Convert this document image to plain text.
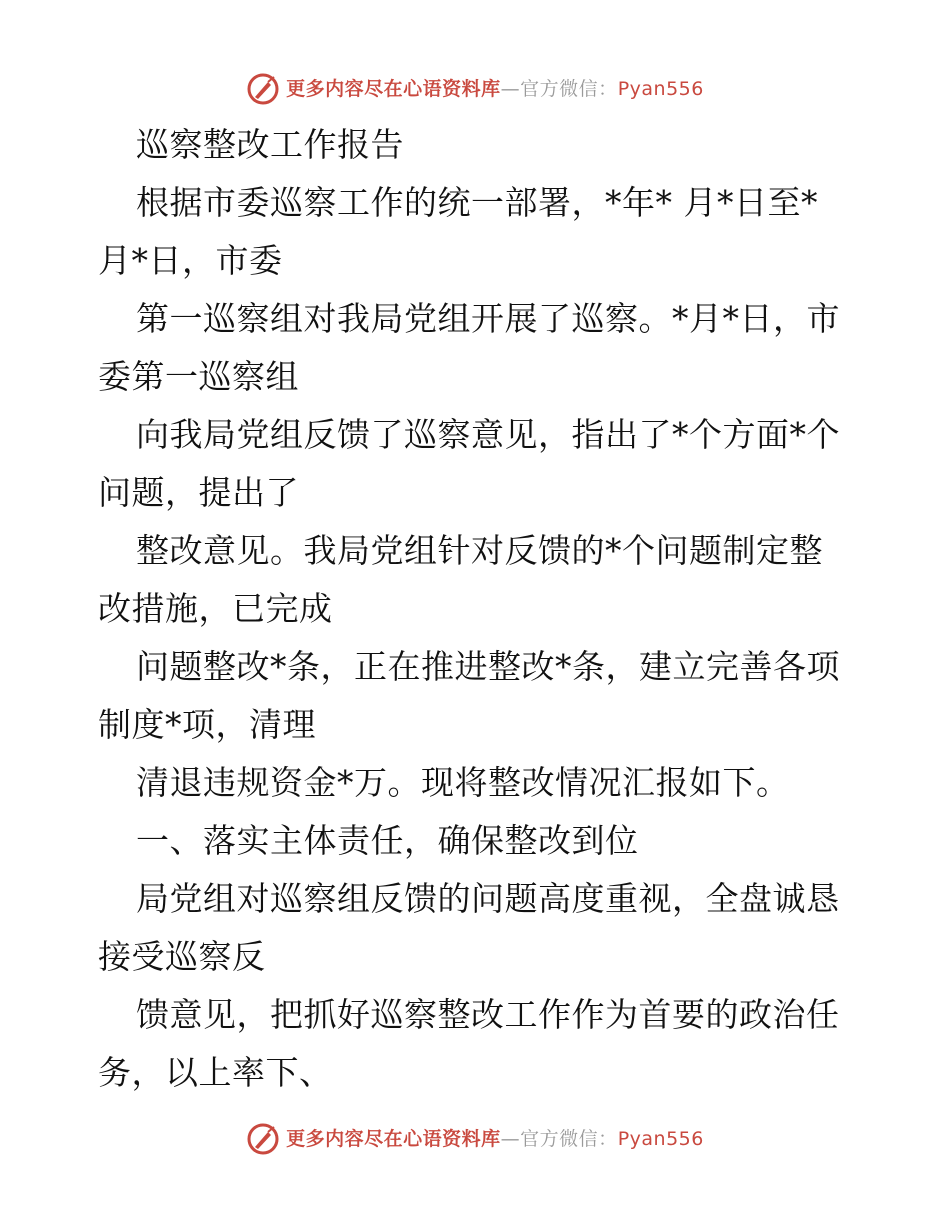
更多内容尽在心语资料库—官方微信：Pyan556
巡察整改工作报告
根据市委巡察工作的统一部署，*年* 月*日至*
月*日，市委
第一巡察组对我局党组开展了巡察。*月*日，市
委第一巡察组
向我局党组反馈了巡察意见，指出了*个方面*个
问题，提出了
整改意见。我局党组针对反馈的*个问题制定整
改措施，已完成
问题整改*条，正在推进整改*条，建立完善各项
制度*项，清理
清退违规资金*万。现将整改情况汇报如下。
一、落实主体责任，确保整改到位
局党组对巡察组反馈的问题高度重视，全盘诚恳
接受巡察反
馈意见，把抓好巡察整改工作作为首要的政治任
务，以上率下、
更多内容尽在心语资料库—官方微信：Pyan556
